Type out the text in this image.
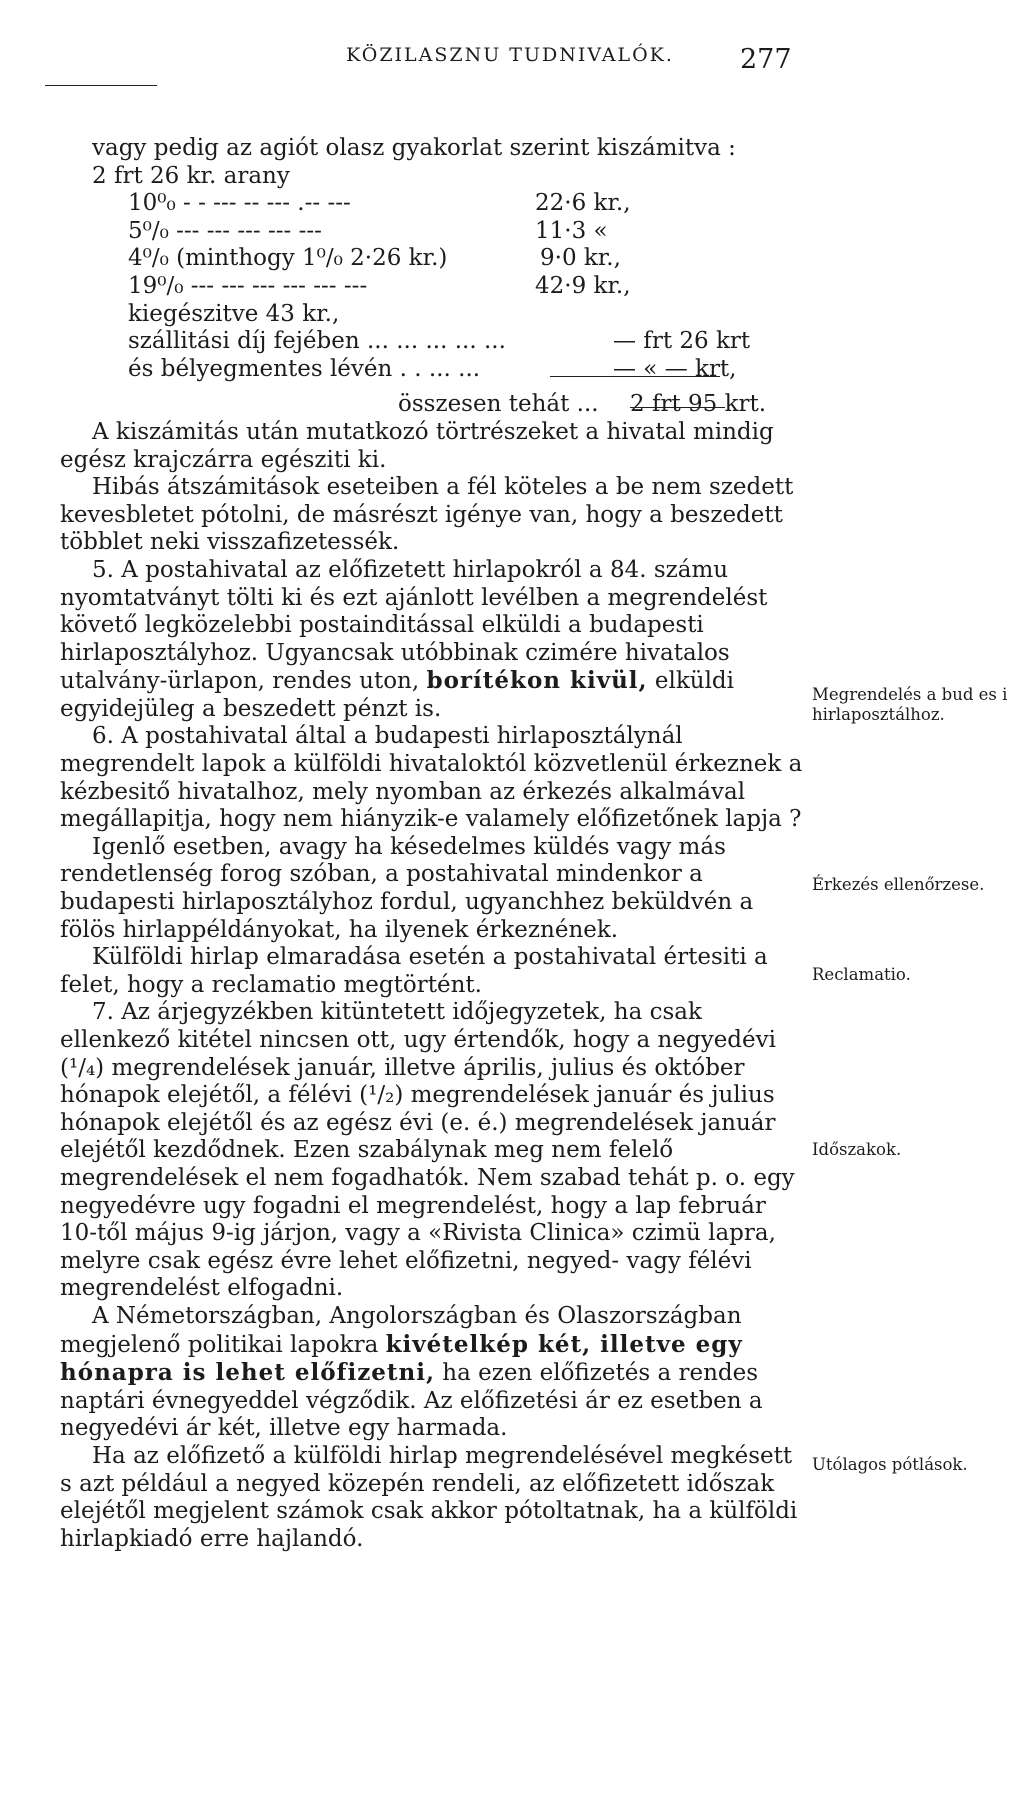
KÖZILASZNU TUDNIVALÓK.	277

vagy pedig az agiót olasz gyakorlat szerint kiszámitva :

2 frt 26 kr. arany
10⁰₀ - - --- -- --- .-- ---	22·6 kr.,
5⁰/₀ --- --- --- --- ---	11·3 «
4⁰/₀ (minthogy 1⁰/₀ 2·26 kr.)	9·0 kr.,
19⁰/₀ --- --- --- --- --- ---	42·9 kr.,
kiegészitve 43 kr.,
szállitási díj fejében ... ... ... ... ...	— frt 26 krt
és bélyegmentes lévén . . ... ...	— « — krt,
összesen tehát ... 2 frt 95 krt.

A kiszámitás után mutatkozó törtrészeket a hivatal mindig egész krajczárra egésziti ki.

Hibás átszámitások eseteiben a fél köteles a be nem szedett kevesbletet pótolni, de másrészt igénye van, hogy a beszedett többlet neki visszafizetessék.

5. A postahivatal az előfizetett hirlapokról a 84. számu nyomtatványt tölti ki és ezt ajánlott levélben a megrendelést követő legközelebbi postainditással elküldi a budapesti hirlaposztályhoz. Ugyancsak utóbbinak czimére hivatalos utalvány-ürlapon, rendes uton, borítékon kivül, elküldi egyidejüleg a beszedett pénzt is.

6. A postahivatal által a budapesti hirlaposztálynál megrendelt lapok a külföldi hivataloktól közvetlenül érkeznek a kézbesitő hivatalhoz, mely nyomban az érkezés alkalmával megállapitja, hogy nem hiányzik-e valamely előfizetőnek lapja ?

Igenlő esetben, avagy ha késedelmes küldés vagy más rendetlenség forog szóban, a postahivatal mindenkor a budapesti hirlaposztályhoz fordul, ugyanchhez beküldvén a fölös hirlappéldányokat, ha ilyenek érkeznének.

Külföldi hirlap elmaradása esetén a postahivatal értesiti a felet, hogy a reclamatio megtörtént.

7. Az árjegyzékben kitüntetett időjegyzetek, ha csak ellenkező kitétel nincsen ott, ugy értendők, hogy a negyedévi (¹/₄) megrendelések január, illetve április, julius és október hónapok elejétől, a félévi (¹/₂) megrendelések január és julius hónapok elejétől és az egész évi (e. é.) megrendelések január elejétől kezdődnek. Ezen szabálynak meg nem felelő megrendelések el nem fogadhatók. Nem szabad tehát p. o. egy negyedévre ugy fogadni el megrendelést, hogy a lap február 10-től május 9-ig járjon, vagy a «Rivista Clinica» czimü lapra, melyre csak egész évre lehet előfizetni, negyed- vagy félévi megrendelést elfogadni.

A Németországban, Angolországban és Olaszországban megjelenő politikai lapokra kivételkép két, illetve egy hónapra is lehet előfizetni, ha ezen előfizetés a rendes naptári évnegyeddel végződik. Az előfizetési ár ez esetben a negyedévi ár két, illetve egy harmada.

Ha az előfizető a külföldi hirlap megrendelésével megkésett s azt például a negyed közepén rendeli, az előfizetett időszak elejétől megjelent számok csak akkor pótoltatnak, ha a külföldi hirlapkiadó erre hajlandó.

Megrendelés a bud es i hirlaposztálhoz.
Érkezés ellenőrzese.
Reclamatio.
Időszakok.
Utólagos pótlások.
